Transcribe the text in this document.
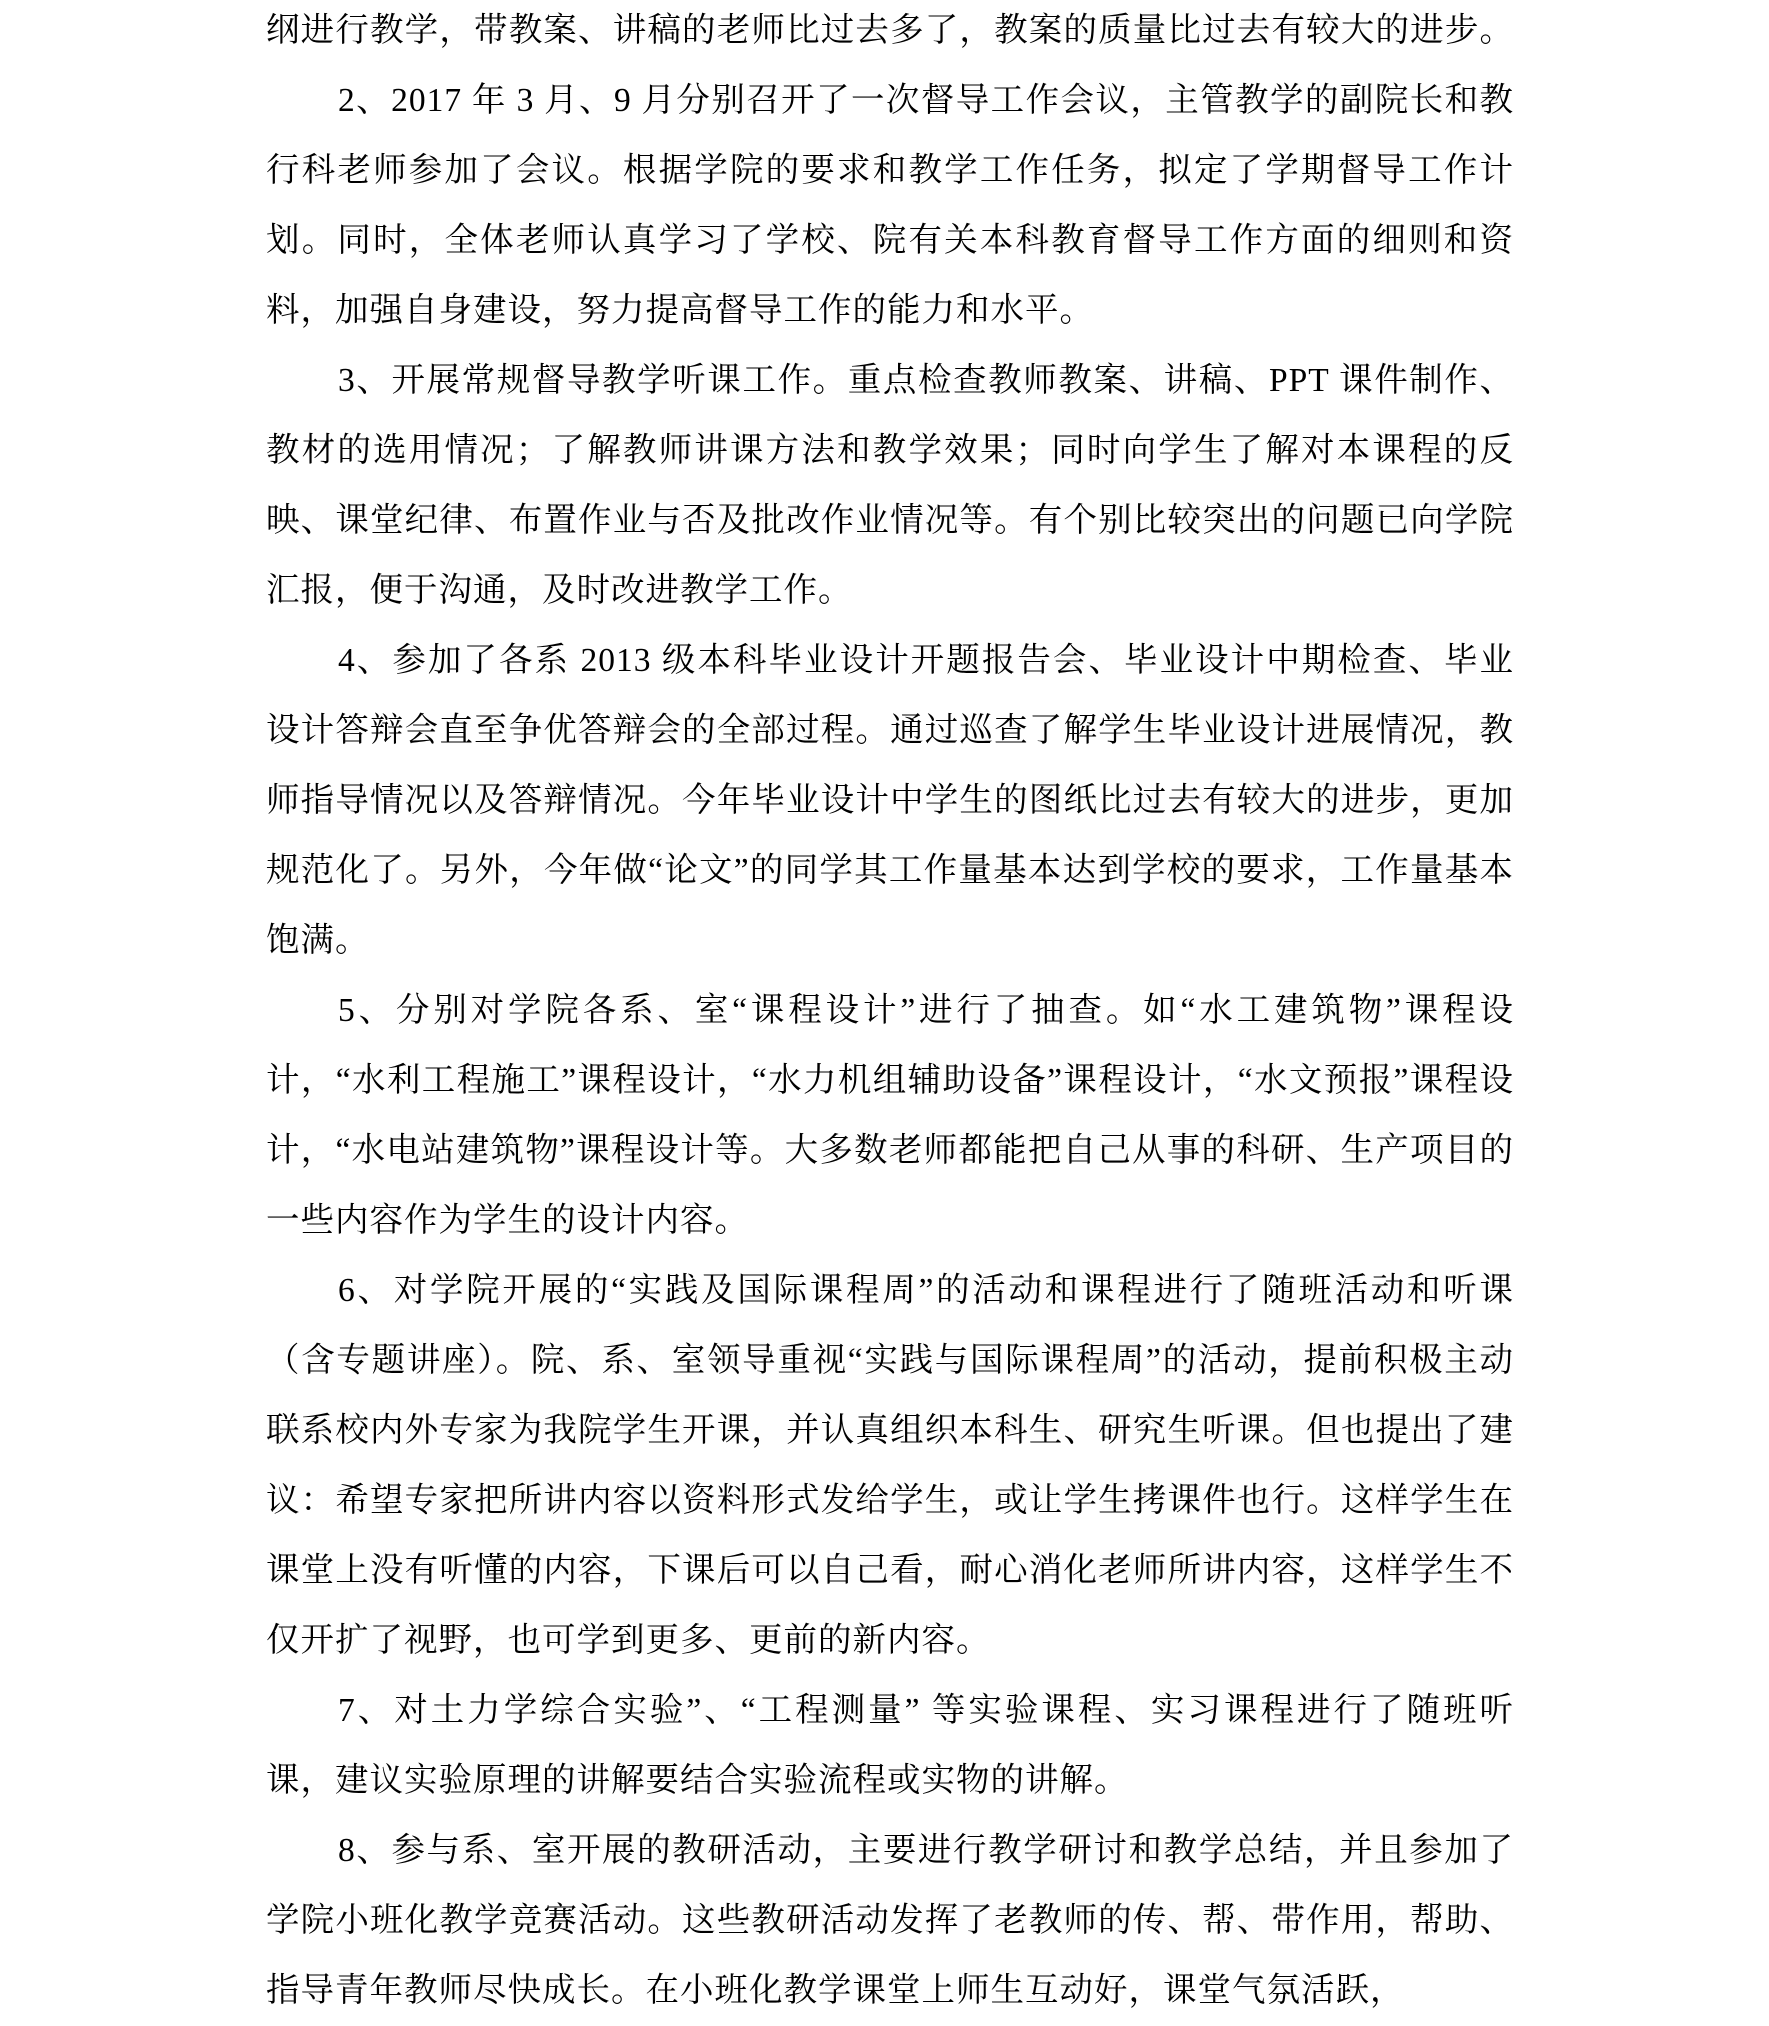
纲进行教学，带教案、讲稿的老师比过去多了，教案的质量比过去有较大的进步。

2、2017 年 3 月、9 月分别召开了一次督导工作会议，主管教学的副院长和教行科老师参加了会议。根据学院的要求和教学工作任务，拟定了学期督导工作计划。同时，全体老师认真学习了学校、院有关本科教育督导工作方面的细则和资料，加强自身建设，努力提高督导工作的能力和水平。

3、开展常规督导教学听课工作。重点检查教师教案、讲稿、PPT 课件制作、教材的选用情况；了解教师讲课方法和教学效果；同时向学生了解对本课程的反映、课堂纪律、布置作业与否及批改作业情况等。有个别比较突出的问题已向学院汇报，便于沟通，及时改进教学工作。

4、参加了各系 2013 级本科毕业设计开题报告会、毕业设计中期检查、毕业设计答辩会直至争优答辩会的全部过程。通过巡查了解学生毕业设计进展情况，教师指导情况以及答辩情况。今年毕业设计中学生的图纸比过去有较大的进步，更加规范化了。另外，今年做“论文”的同学其工作量基本达到学校的要求，工作量基本饱满。

5、分别对学院各系、室“课程设计”进行了抽查。如“水工建筑物”课程设计，“水利工程施工”课程设计，“水力机组辅助设备”课程设计，“水文预报”课程设计，“水电站建筑物”课程设计等。大多数老师都能把自己从事的科研、生产项目的一些内容作为学生的设计内容。

6、对学院开展的“实践及国际课程周”的活动和课程进行了随班活动和听课（含专题讲座）。院、系、室领导重视“实践与国际课程周”的活动，提前积极主动联系校内外专家为我院学生开课，并认真组织本科生、研究生听课。但也提出了建议：希望专家把所讲内容以资料形式发给学生，或让学生拷课件也行。这样学生在课堂上没有听懂的内容，下课后可以自己看，耐心消化老师所讲内容，这样学生不仅开扩了视野，也可学到更多、更前的新内容。

7、对土力学综合实验”、“工程测量” 等实验课程、实习课程进行了随班听课，建议实验原理的讲解要结合实验流程或实物的讲解。

8、参与系、室开展的教研活动，主要进行教学研讨和教学总结，并且参加了学院小班化教学竞赛活动。这些教研活动发挥了老教师的传、帮、带作用，帮助、指导青年教师尽快成长。在小班化教学课堂上师生互动好，课堂气氛活跃，
